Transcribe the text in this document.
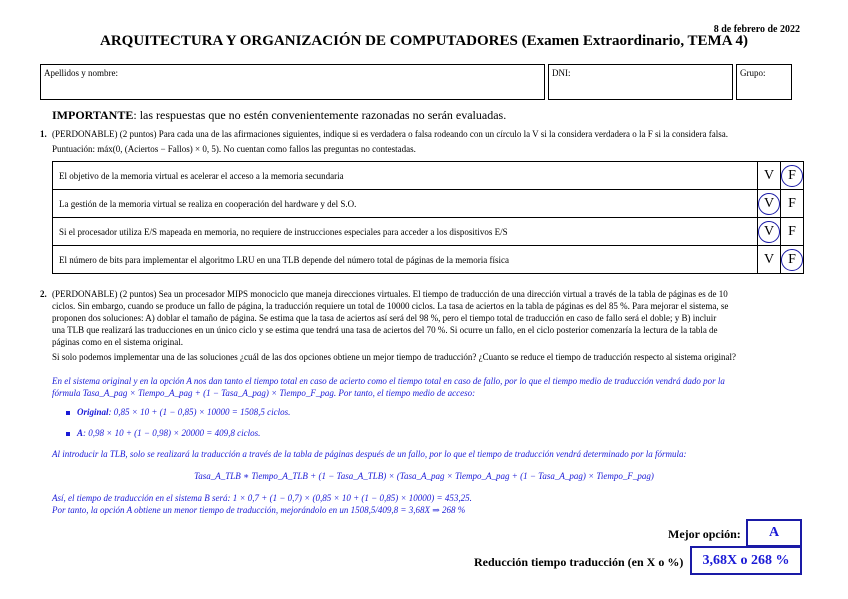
8 de febrero de 2022
ARQUITECTURA Y ORGANIZACIÓN DE COMPUTADORES (Examen Extraordinario, TEMA 4)
Apellidos y nombre:	DNI:	Grupo:
IMPORTANTE: las respuestas que no estén convenientemente razonadas no serán evaluadas.
1. (PERDONABLE) (2 puntos) Para cada una de las afirmaciones siguientes, indique si es verdadera o falsa rodeando con un círculo la V si la considera verdadera o la F si la considera falsa.
Puntuación: máx(0, (Aciertos − Fallos) × 0, 5). No cuentan como fallos las preguntas no contestadas.
El objetivo de la memoria virtual es acelerar el acceso a la memoria secundaria	V	F
La gestión de la memoria virtual se realiza en cooperación del hardware y del S.O.	V	F
Si el procesador utiliza E/S mapeada en memoria, no requiere de instrucciones especiales para acceder a los dispositivos E/S	V	F
El número de bits para implementar el algoritmo LRU en una TLB depende del número total de páginas de la memoria física	V	F
2. (PERDONABLE) (2 puntos) Sea un procesador MIPS monociclo que maneja direcciones virtuales. El tiempo de traducción de una dirección virtual a través de la tabla de páginas es de 10
ciclos. Sin embargo, cuando se produce un fallo de página, la traducción requiere un total de 10000 ciclos. La tasa de aciertos en la tabla de páginas es del 85 %. Para mejorar el sistema, se
proponen dos soluciones: A) doblar el tamaño de página. Se estima que la tasa de aciertos así será del 98 %, pero el tiempo total de traducción en caso de fallo será el doble; y B) incluir
una TLB que realizará las traducciones en un único ciclo y se estima que tendrá una tasa de aciertos del 70 %. Si ocurre un fallo, en el ciclo posterior comenzaría la lectura de la tabla de
páginas como en el sistema original.
Si solo podemos implementar una de las soluciones ¿cuál de las dos opciones obtiene un mejor tiempo de traducción? ¿Cuanto se reduce el tiempo de traducción respecto al sistema original?
En el sistema original y en la opción A nos dan tanto el tiempo total en caso de acierto como el tiempo total en caso de fallo, por lo que el tiempo medio de traducción vendrá dado por la
fórmula Tasa_A_pag × Tiempo_A_pag + (1 − Tasa_A_pag) × Tiempo_F_pag. Por tanto, el tiempo medio de acceso:
Original: 0,85 × 10 + (1 − 0,85) × 10000 = 1508,5 ciclos.
A: 0,98 × 10 + (1 − 0,98) × 20000 = 409,8 ciclos.
Al introducir la TLB, solo se realizará la traducción a través de la tabla de páginas después de un fallo, por lo que el tiempo de traducción vendrá determinado por la fórmula:
Tasa_A_TLB ∗ Tiempo_A_TLB + (1 − Tasa_A_TLB) × (Tasa_A_pag × Tiempo_A_pag + (1 − Tasa_A_pag) × Tiempo_F_pag)
Así, el tiempo de traducción en el sistema B será: 1 × 0,7 + (1 − 0,7) × (0,85 × 10 + (1 − 0,85) × 10000) = 453,25.
Por tanto, la opción A obtiene un menor tiempo de traducción, mejorándolo en un 1508,5/409,8 = 3,68X ⇒ 268 %
Mejor opción:	A
Reducción tiempo traducción (en X o %)	3,68X o 268 %
